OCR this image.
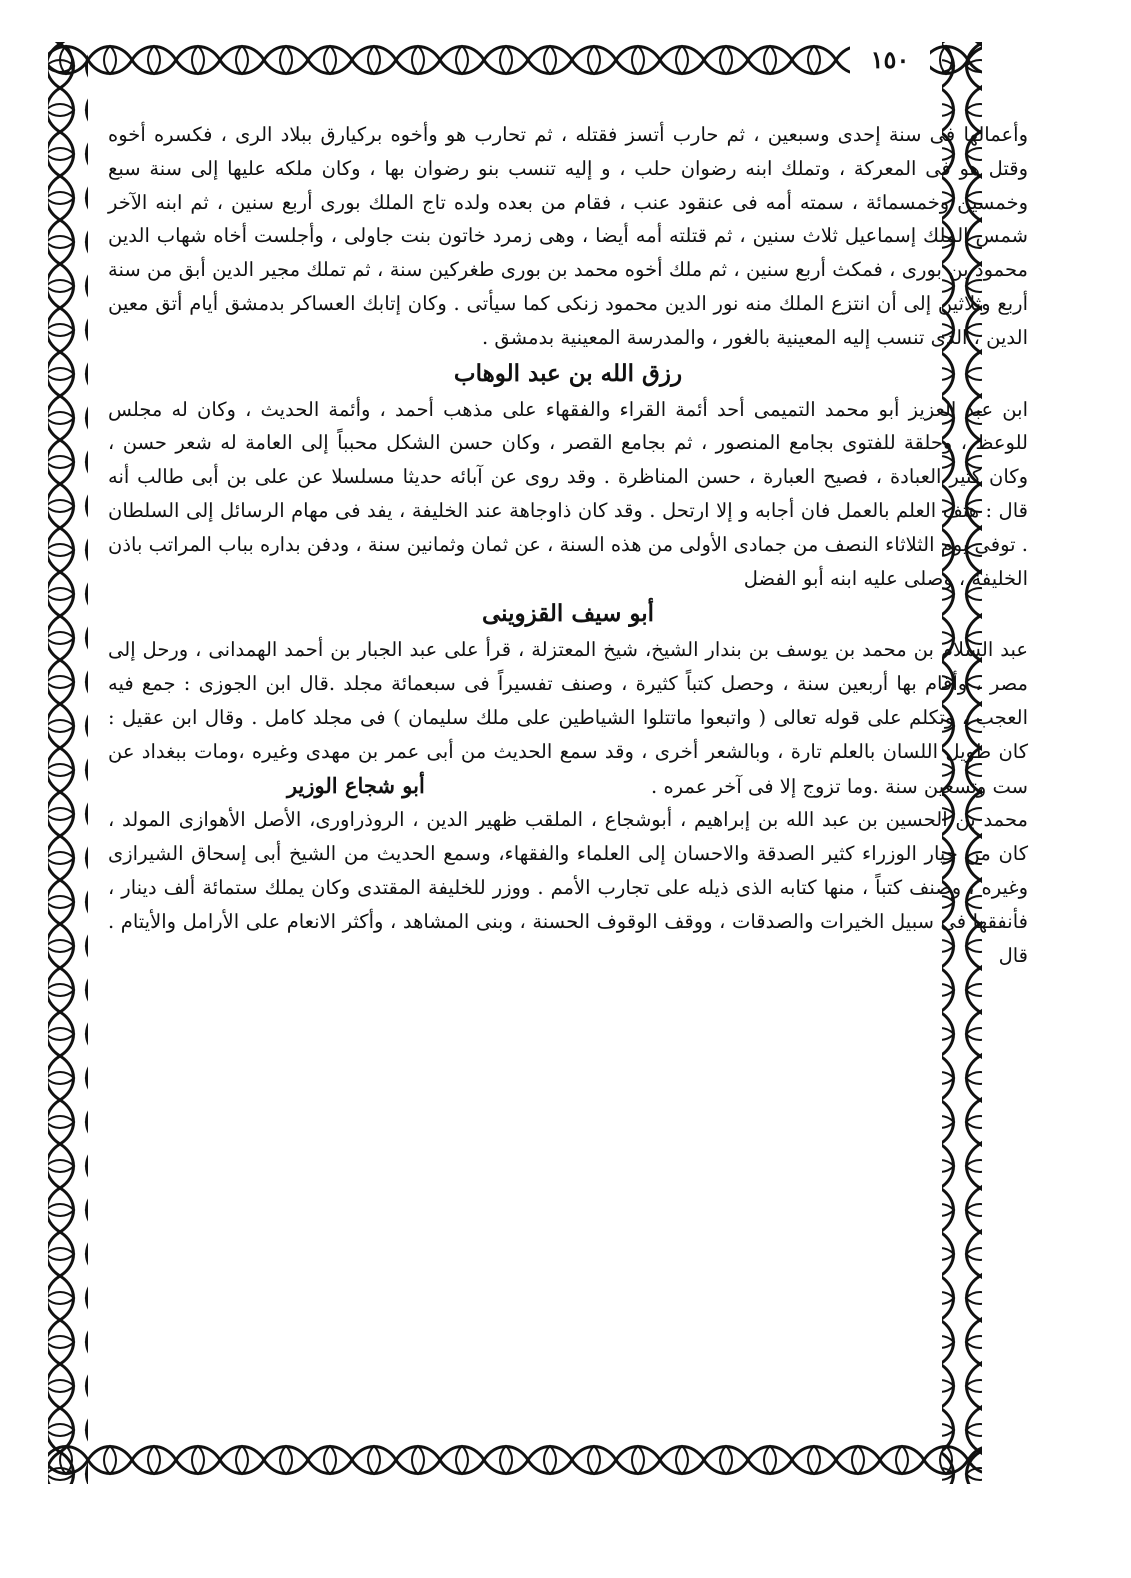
١٥٠

وأعمالها فى سنة إحدى وسبعين ، ثم حارب أتسز فقتله ، ثم تحارب هو وأخوه بركيارق ببلاد الرى ، فكسره أخوه وقتل هو فى المعركة ، وتملك ابنه رضوان حلب ، و إليه تنسب بنو رضوان بها ، وكان ملكه عليها إلى سنة سبع وخمسين وخمسمائة ، سمته أمه فى عنقود عنب ، فقام من بعده ولده تاج الملك بورى أربع سنين ، ثم ابنه الآخر شمس الملك إسماعيل ثلاث سنين ، ثم قتلته أمه أيضا ، وهى زمرد خاتون بنت جاولى ، وأجلست أخاه شهاب الدين محمود بن بورى ، فمكث أربع سنين ، ثم ملك أخوه محمد بن بورى طغركين سنة ، ثم تملك مجير الدين أبق من سنة أربع وثلاثين إلى أن انتزع الملك منه نور الدين محمود زنكى كما سيأتى . وكان إتابك العساكر بدمشق أيام أتق معين الدين ، الذى تنسب إليه المعينية بالغور ، والمدرسة المعينية بدمشق .

رزق الله بن عبد الوهاب

ابن عبد العزيز أبو محمد التميمى أحد أئمة القراء والفقهاء على مذهب أحمد ، وأئمة الحديث ، وكان له مجلس للوعظ ، وحلقة للفتوى بجامع المنصور ، ثم بجامع القصر ، وكان حسن الشكل محبباً إلى العامة له شعر حسن ، وكان كثير العبادة ، فصيح العبارة ، حسن المناظرة . وقد روى عن آبائه حديثا مسلسلا عن على بن أبى طالب أنه قال : هتف العلم بالعمل فان أجابه و إلا ارتحل . وقد كان ذاوجاهة عند الخليفة ، يفد فى مهام الرسائل إلى السلطان . توفى يوم الثلاثاء النصف من جمادى الأولى من هذه السنة ، عن ثمان وثمانين سنة ، ودفن بداره بباب المراتب باذن الخليفة ، وصلى عليه ابنه أبو الفضل

أبو سيف القزوينى

عبد السلام بن محمد بن يوسف بن بندار الشيخ، شيخ المعتزلة ، قرأ على عبد الجبار بن أحمد الهمدانى ، ورحل إلى مصر ، وأقام بها أربعين سنة ، وحصل كتباً كثيرة ، وصنف تفسيراً فى سبعمائة مجلد .قال ابن الجوزى : جمع فيه العجب ، وتكلم على قوله تعالى ( واتبعوا ماتتلوا الشياطين على ملك سليمان ) فى مجلد كامل . وقال ابن عقيل : كان طويل اللسان بالعلم تارة ، وبالشعر أخرى ، وقد سمع الحديث من أبى عمر بن مهدى وغيره ،ومات ببغداد عن ست وتسعين سنة .وما تزوج إلا فى آخر عمره . أبو شجاع الوزير

محمد بن الحسين بن عبد الله بن إبراهيم ، أبوشجاع ، الملقب ظهير الدين ، الروذراورى، الأصل الأهوازى المولد ، كان من خيار الوزراء كثير الصدقة والاحسان إلى العلماء والفقهاء، وسمع الحديث من الشيخ أبى إسحاق الشيرازى وغيره ، وصنف كتباً ، منها كتابه الذى ذيله على تجارب الأمم . ووزر للخليفة المقتدى وكان يملك ستمائة ألف دينار ، فأنفقها فى سبيل الخيرات والصدقات ، ووقف الوقوف الحسنة ، وبنى المشاهد ، وأكثر الانعام على الأرامل والأيتام . قال
